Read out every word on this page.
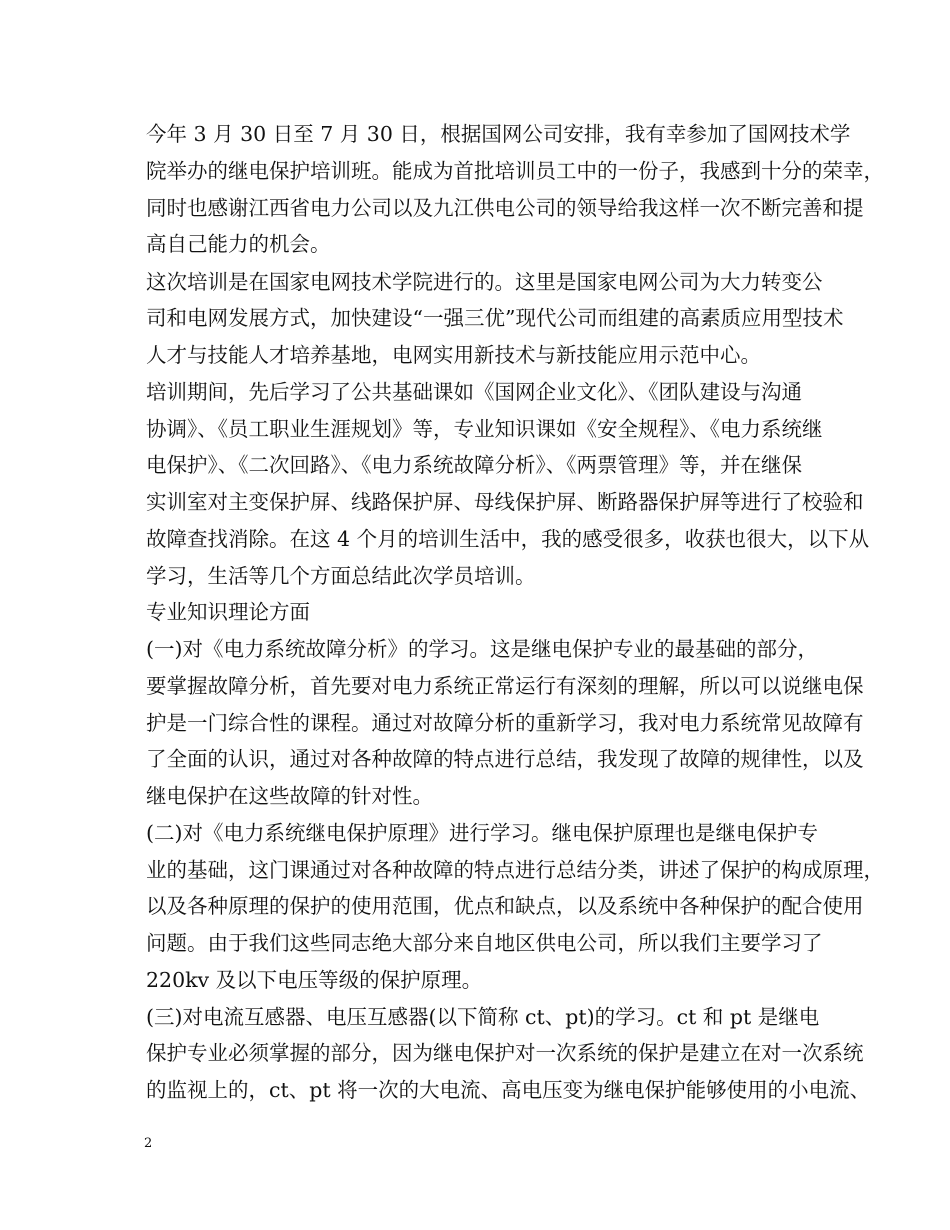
今年 3 月 30 日至 7 月 30 日，根据国网公司安排，我有幸参加了国网技术学
院举办的继电保护培训班。能成为首批培训员工中的一份子，我感到十分的荣幸，
同时也感谢江西省电力公司以及九江供电公司的领导给我这样一次不断完善和提
高自己能力的机会。
这次培训是在国家电网技术学院进行的。这里是国家电网公司为大力转变公
司和电网发展方式，加快建设“一强三优”现代公司而组建的高素质应用型技术
人才与技能人才培养基地，电网实用新技术与新技能应用示范中心。
培训期间，先后学习了公共基础课如《国网企业文化》、《团队建设与沟通
协调》、《员工职业生涯规划》等，专业知识课如《安全规程》、《电力系统继
电保护》、《二次回路》、《电力系统故障分析》、《两票管理》等，并在继保
实训室对主变保护屏、线路保护屏、母线保护屏、断路器保护屏等进行了校验和
故障查找消除。在这 4 个月的培训生活中，我的感受很多，收获也很大，以下从
学习，生活等几个方面总结此次学员培训。
专业知识理论方面
(一)对《电力系统故障分析》的学习。这是继电保护专业的最基础的部分，
要掌握故障分析，首先要对电力系统正常运行有深刻的理解，所以可以说继电保
护是一门综合性的课程。通过对故障分析的重新学习，我对电力系统常见故障有
了全面的认识，通过对各种故障的特点进行总结，我发现了故障的规律性，以及
继电保护在这些故障的针对性。
(二)对《电力系统继电保护原理》进行学习。继电保护原理也是继电保护专
业的基础，这门课通过对各种故障的特点进行总结分类，讲述了保护的构成原理，
以及各种原理的保护的使用范围，优点和缺点，以及系统中各种保护的配合使用
问题。由于我们这些同志绝大部分来自地区供电公司，所以我们主要学习了
220kv 及以下电压等级的保护原理。
(三)对电流互感器、电压互感器(以下简称 ct、pt)的学习。ct 和 pt 是继电
保护专业必须掌握的部分，因为继电保护对一次系统的保护是建立在对一次系统
的监视上的，ct、pt 将一次的大电流、高电压变为继电保护能够使用的小电流、
2
